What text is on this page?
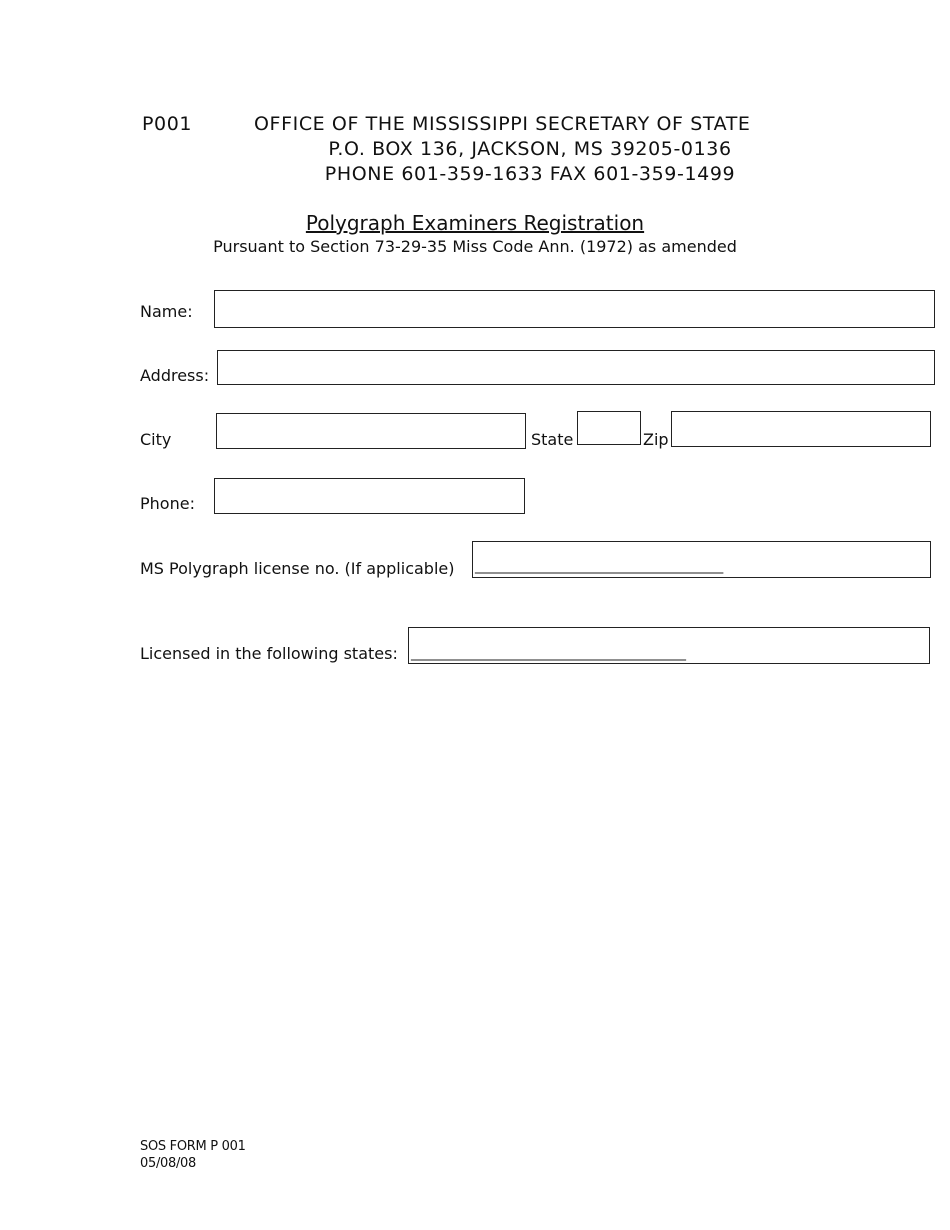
P001	OFFICE OF THE MISSISSIPPI SECRETARY OF STATE
P.O. BOX 136, JACKSON, MS 39205-0136
PHONE 601-359-1633 FAX 601-359-1499
Polygraph Examiners Registration
Pursuant to Section 73-29-35 Miss Code Ann. (1972) as amended
Name:
Address:
City	State	Zip
Phone:
MS Polygraph license no. (If applicable) _____________________________________
Licensed in the following states: _________________________________________
SOS FORM P 001
05/08/08
